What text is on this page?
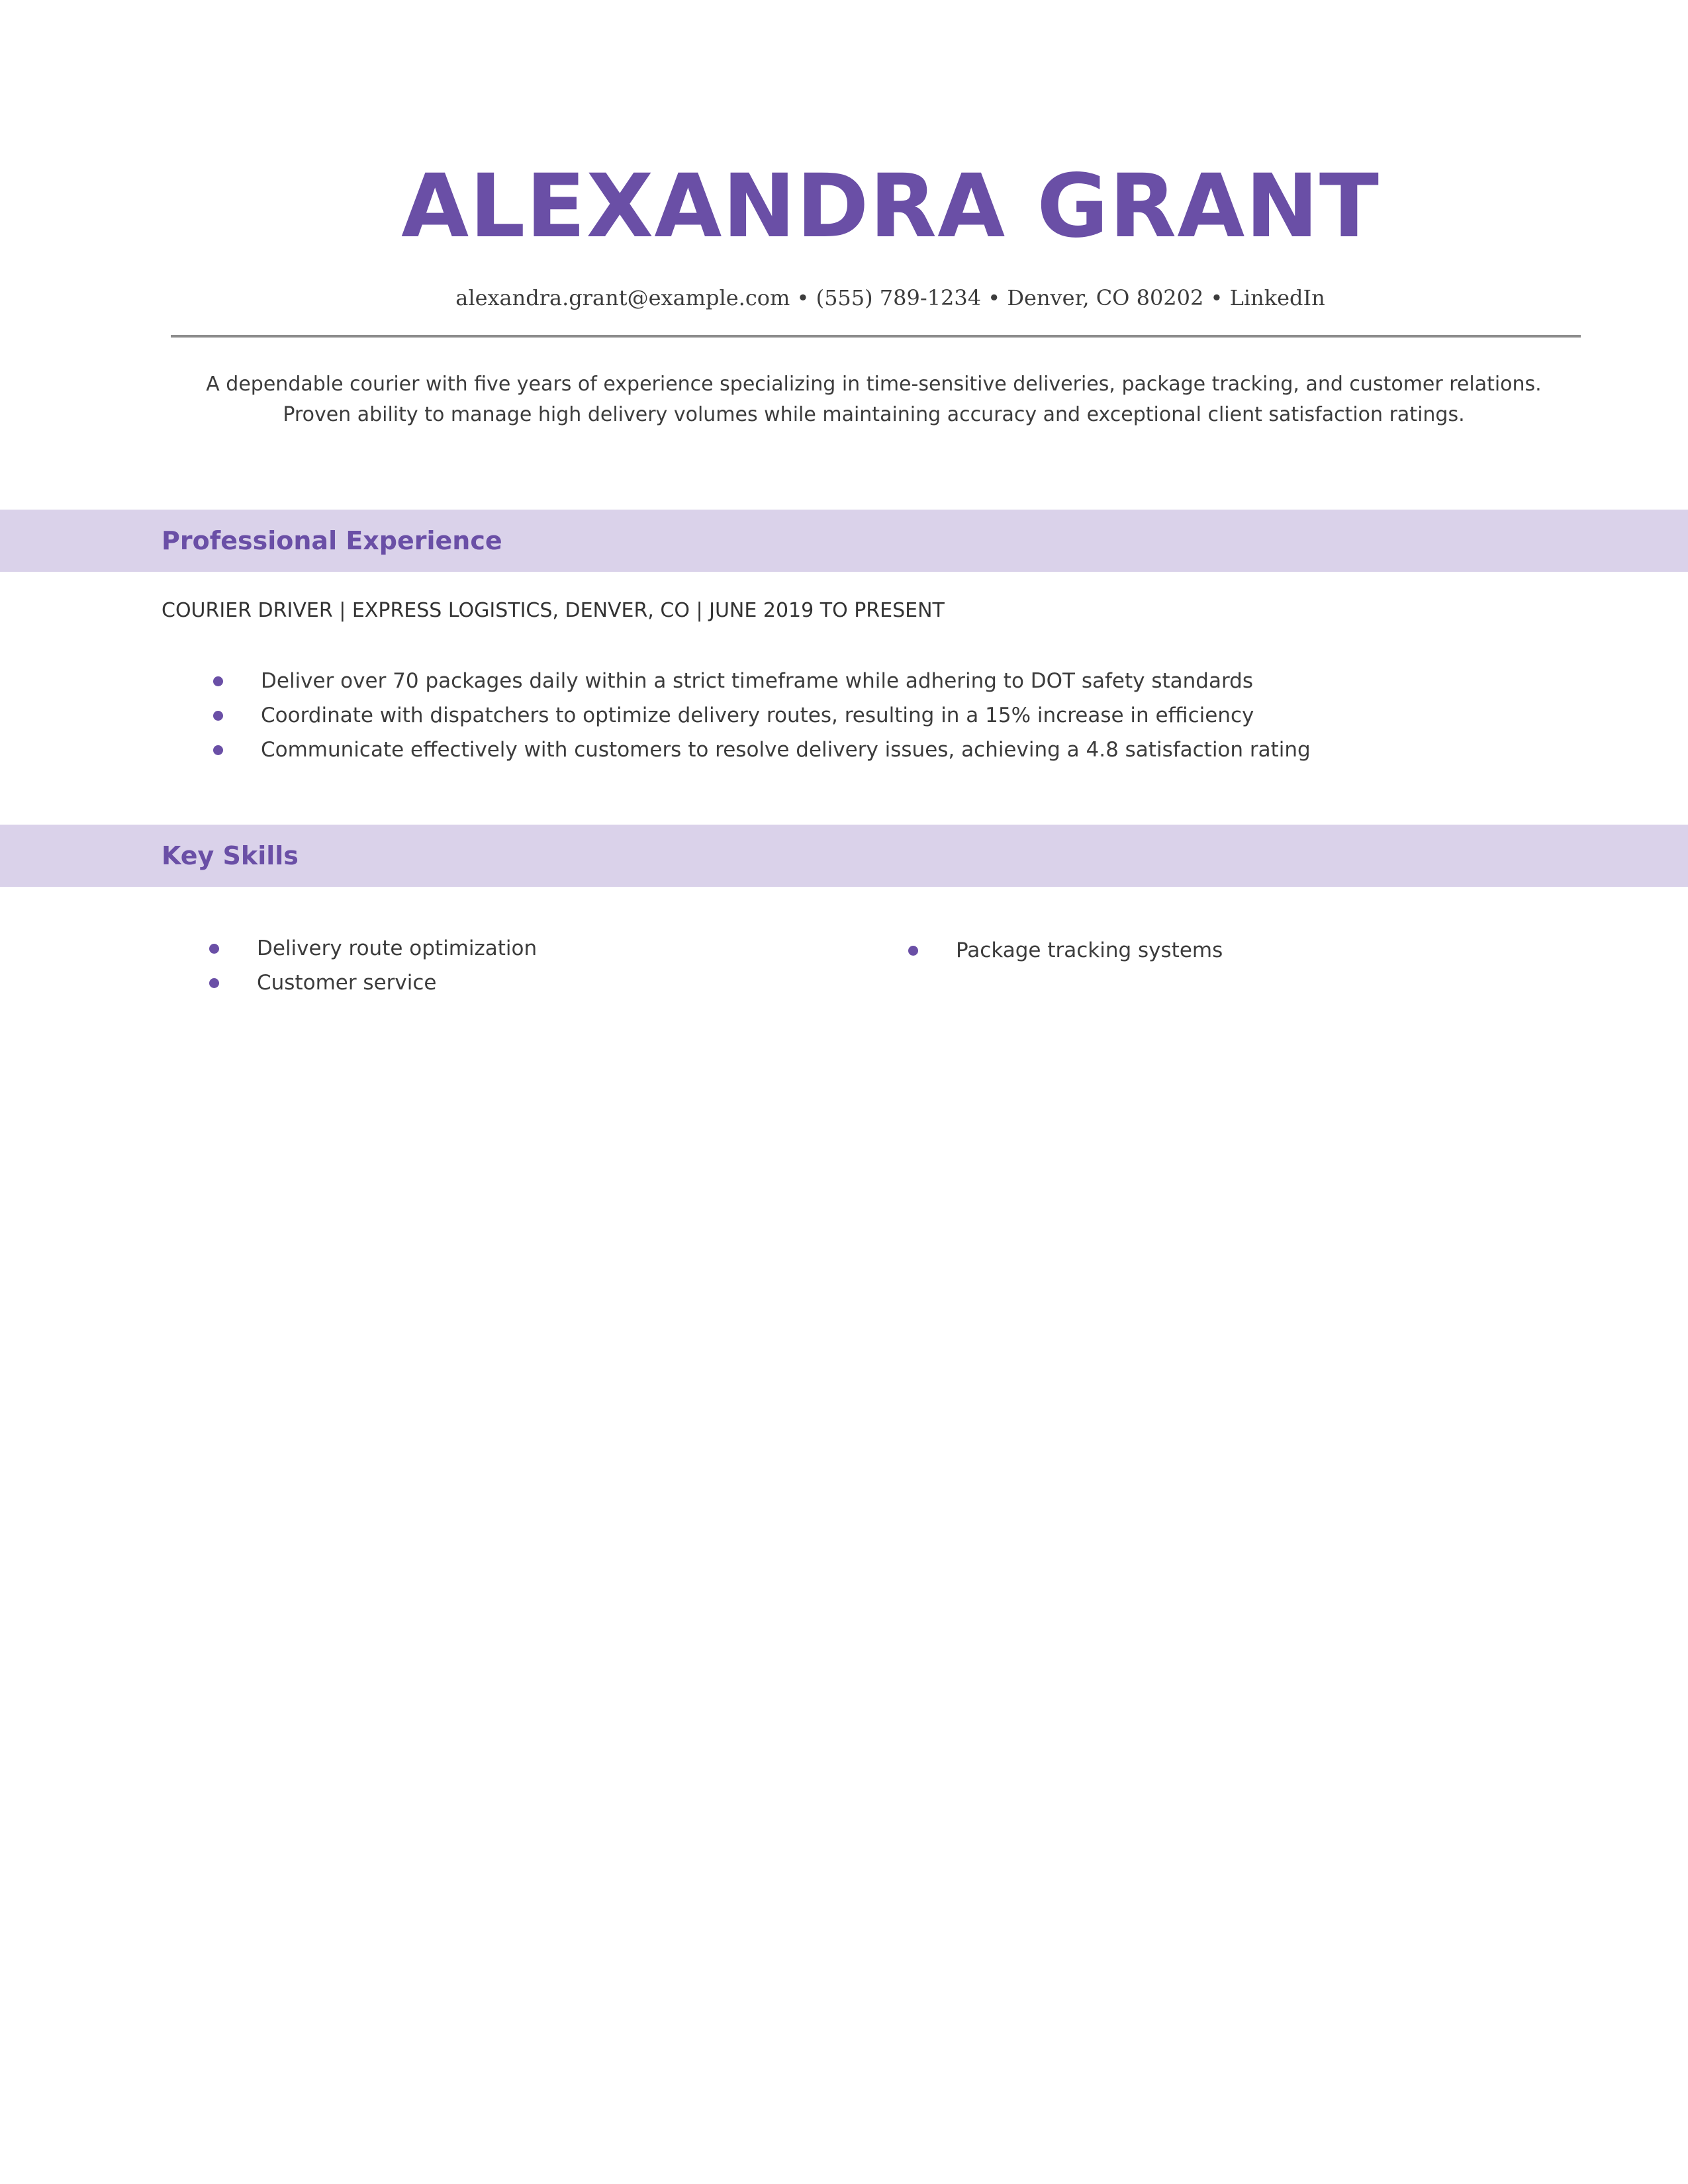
ALEXANDRA GRANT
alexandra.grant@example.com • (555) 789-1234 • Denver, CO 80202 • LinkedIn
A dependable courier with five years of experience specializing in time-sensitive deliveries, package tracking, and customer relations.
Proven ability to manage high delivery volumes while maintaining accuracy and exceptional client satisfaction ratings.
Professional Experience
COURIER DRIVER | EXPRESS LOGISTICS, DENVER, CO | JUNE 2019 TO PRESENT
Deliver over 70 packages daily within a strict timeframe while adhering to DOT safety standards
Coordinate with dispatchers to optimize delivery routes, resulting in a 15% increase in efficiency
Communicate effectively with customers to resolve delivery issues, achieving a 4.8 satisfaction rating
Key Skills
Delivery route optimization
Customer service
Package tracking systems
